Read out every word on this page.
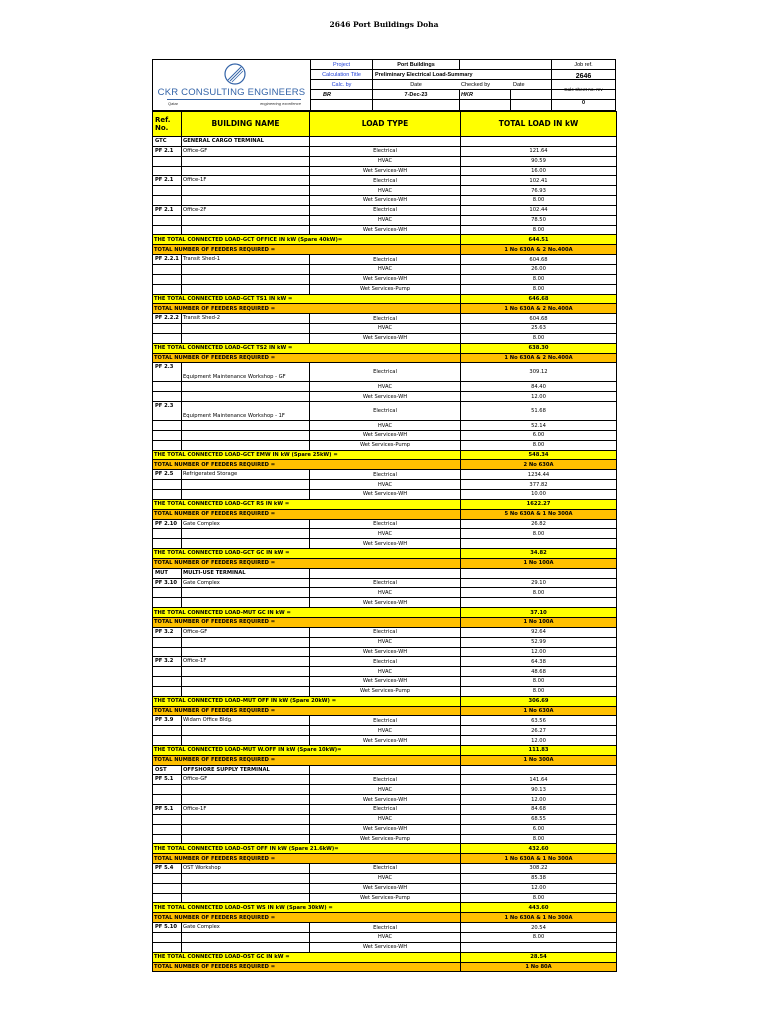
2646 Port Buildings Doha
CKR CONSULTING ENGINEERS
Qatar	engineering excellence
Project	Port Buildings
Calculation Title	Preliminary Electrical Load-Summary
Calc. by	Date	Checked by	Date
BR	7-Dec-23	HKR
Job ref.
2646
Calc sheet no. rev
0
Ref. No.	BUILDING NAME	LOAD TYPE	TOTAL LOAD IN kW
GTC	GENERAL CARGO TERMINAL		
PF 2.1	Office-GF	Electrical	121.64
		HVAC	90.59
		Wet Services-WH	16.00
PF 2.1	Office-1F	Electrical	102.41
		HVAC	76.93
		Wet Services-WH	8.00
PF 2.1	Office-2F	Electrical	102.44
		HVAC	78.50
		Wet Services-WH	8.00
THE TOTAL CONNECTED LOAD-GCT OFFICE IN kW (Spare 40kW)=			644.51
TOTAL NUMBER OF FEEDERS REQUIRED =			1 No 630A & 2 No.400A
PF 2.2.1	Transit Shed-1	Electrical	604.68
		HVAC	26.00
		Wet Services-WH	8.00
		Wet Services-Pump	8.00
THE TOTAL CONNECTED LOAD-GCT TS1 IN kW =			646.68
TOTAL NUMBER OF FEEDERS REQUIRED =			1 No 630A & 2 No.400A
PF 2.2.2	Transit Shed-2	Electrical	604.68
		HVAC	25.63
		Wet Services-WH	8.00
THE TOTAL CONNECTED LOAD-GCT TS2 IN kW =			638.30
TOTAL NUMBER OF FEEDERS REQUIRED =			1 No 630A & 2 No.400A
PF 2.3	Equipment Maintenance Workshop - GF	Electrical	309.12
		HVAC	84.40
		Wet Services-WH	12.00
PF 2.3	Equipment Maintenance Workshop - 1F	Electrical	51.68
		HVAC	52.14
		Wet Services-WH	6.00
		Wet Services-Pump	8.00
THE TOTAL CONNECTED LOAD-GCT EMW IN kW (Spare 25kW) =			548.34
TOTAL NUMBER OF FEEDERS REQUIRED =			2 No 630A
PF 2.5	Refrigerated Storage	Electrical	1234.44
		HVAC	377.82
		Wet Services-WH	10.00
THE TOTAL CONNECTED LOAD-GCT RS IN kW =			1622.27
TOTAL NUMBER OF FEEDERS REQUIRED =			5 No 630A & 1 No 300A
PF 2.10	Gate Complex	Electrical	26.82
		HVAC	8.00
		Wet Services-WH	
THE TOTAL CONNECTED LOAD-GCT GC IN kW =			34.82
TOTAL NUMBER OF FEEDERS REQUIRED =			1 No 100A
MUT	MULTI-USE TERMINAL		
PF 3.10	Gate Complex	Electrical	29.10
		HVAC	8.00
		Wet Services-WH	
THE TOTAL CONNECTED LOAD-MUT GC IN kW =			37.10
TOTAL NUMBER OF FEEDERS REQUIRED =			1 No 100A
PF 3.2	Office-GF	Electrical	92.64
		HVAC	52.99
		Wet Services-WH	12.00
PF 3.2	Office-1F	Electrical	64.38
		HVAC	48.68
		Wet Services-WH	8.00
		Wet Services-Pump	8.00
THE TOTAL CONNECTED LOAD-MUT OFF IN kW (Spare 20kW) =			306.69
TOTAL NUMBER OF FEEDERS REQUIRED =			1 No 630A
PF 3.9	Widam Office Bldg.	Electrical	63.56
		HVAC	26.27
		Wet Services-WH	12.00
THE TOTAL CONNECTED LOAD-MUT W.OFF IN kW (Spare 10kW)=			111.83
TOTAL NUMBER OF FEEDERS REQUIRED =			1 No 300A
OST	OFFSHORE SUPPLY TERMINAL		
PF 5.1	Office-GF	Electrical	141.64
		HVAC	90.13
		Wet Services-WH	12.00
PF 5.1	Office-1F	Electrical	84.68
		HVAC	68.55
		Wet Services-WH	6.00
		Wet Services-Pump	8.00
THE TOTAL CONNECTED LOAD-OST OFF IN kW (Spare 21.6kW)=			432.60
TOTAL NUMBER OF FEEDERS REQUIRED =			1 No 630A & 1 No 300A
PF 5.4	OST Workshop	Electrical	308.22
		HVAC	85.38
		Wet Services-WH	12.00
		Wet Services-Pump	8.00
THE TOTAL CONNECTED LOAD-OST WS IN kW (Spare 30kW) =			443.60
TOTAL NUMBER OF FEEDERS REQUIRED =			1 No 630A & 1 No 300A
PF 5.10	Gate Complex	Electrical	20.54
		HVAC	8.00
		Wet Services-WH	
THE TOTAL CONNECTED LOAD-OST GC IN kW =			28.54
TOTAL NUMBER OF FEEDERS REQUIRED =			1 No 80A
